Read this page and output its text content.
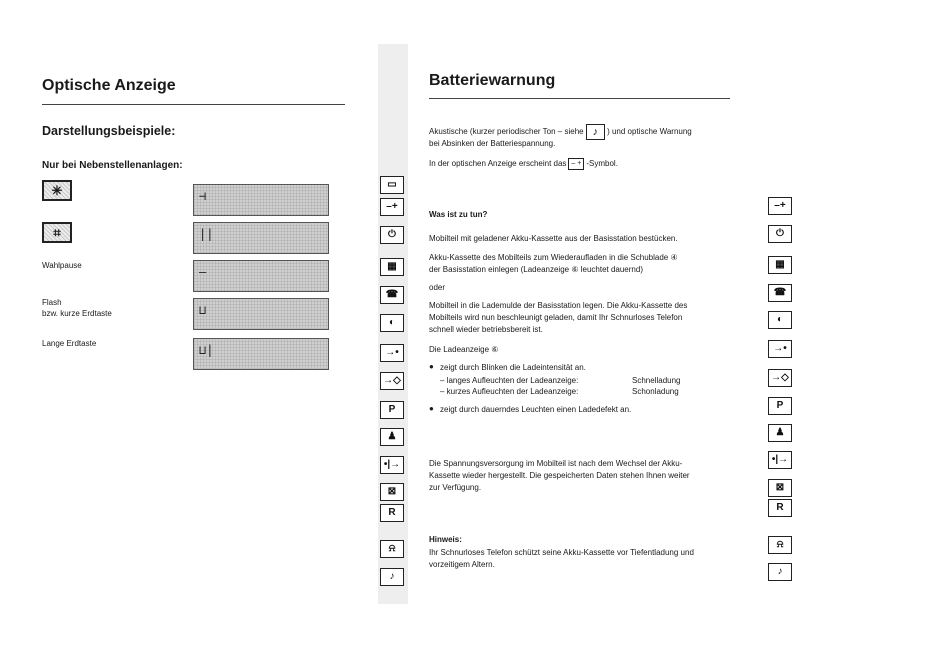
Optische Anzeige
Darstellungsbeispiele:
Nur bei Nebenstellenanlagen:
✳
⌗
Wahlpause
Flash
bzw. kurze Erdtaste
Lange Erdtaste
⊣
||
–
⊔
⊔|
▭
–+
⏻
▦
☎
◐
→•
→◇
P
♟
•|→
⊠
R
⍾
♪
Batteriewarnung
Akustische (kurzer periodischer Ton – siehe ♪ ) und optische Warnung
bei Absinken der Batteriespannung.
In der optischen Anzeige erscheint das – + -Symbol.
Was ist zu tun?
Mobilteil mit geladener Akku-Kassette aus der Basisstation bestücken.
Akku-Kassette des Mobilteils zum Wiederaufladen in die Schublade ④
der Basisstation einlegen (Ladeanzeige ⑥ leuchtet dauernd)
oder
Mobilteil in die Lademulde der Basisstation legen. Die Akku-Kassette des
Mobilteils wird nun beschleunigt geladen, damit Ihr Schnurloses Telefon
schnell wieder betriebsbereit ist.
Die Ladeanzeige ⑥
● zeigt durch Blinken die Ladeintensität an.
– langes Aufleuchten der Ladeanzeige:	Schnelladung
– kurzes Aufleuchten der Ladeanzeige:	Schonladung
● zeigt durch dauerndes Leuchten einen Ladedefekt an.
Die Spannungsversorgung im Mobilteil ist nach dem Wechsel der Akku-
Kassette wieder hergestellt. Die gespeicherten Daten stehen Ihnen weiter
zur Verfügung.
Hinweis:
Ihr Schnurloses Telefon schützt seine Akku-Kassette vor Tiefentladung und
vorzeitigem Altern.
–+
⏻
▦
☎
◐
→•
→◇
P
♟
•|→
⊠
R
⍾
♪
